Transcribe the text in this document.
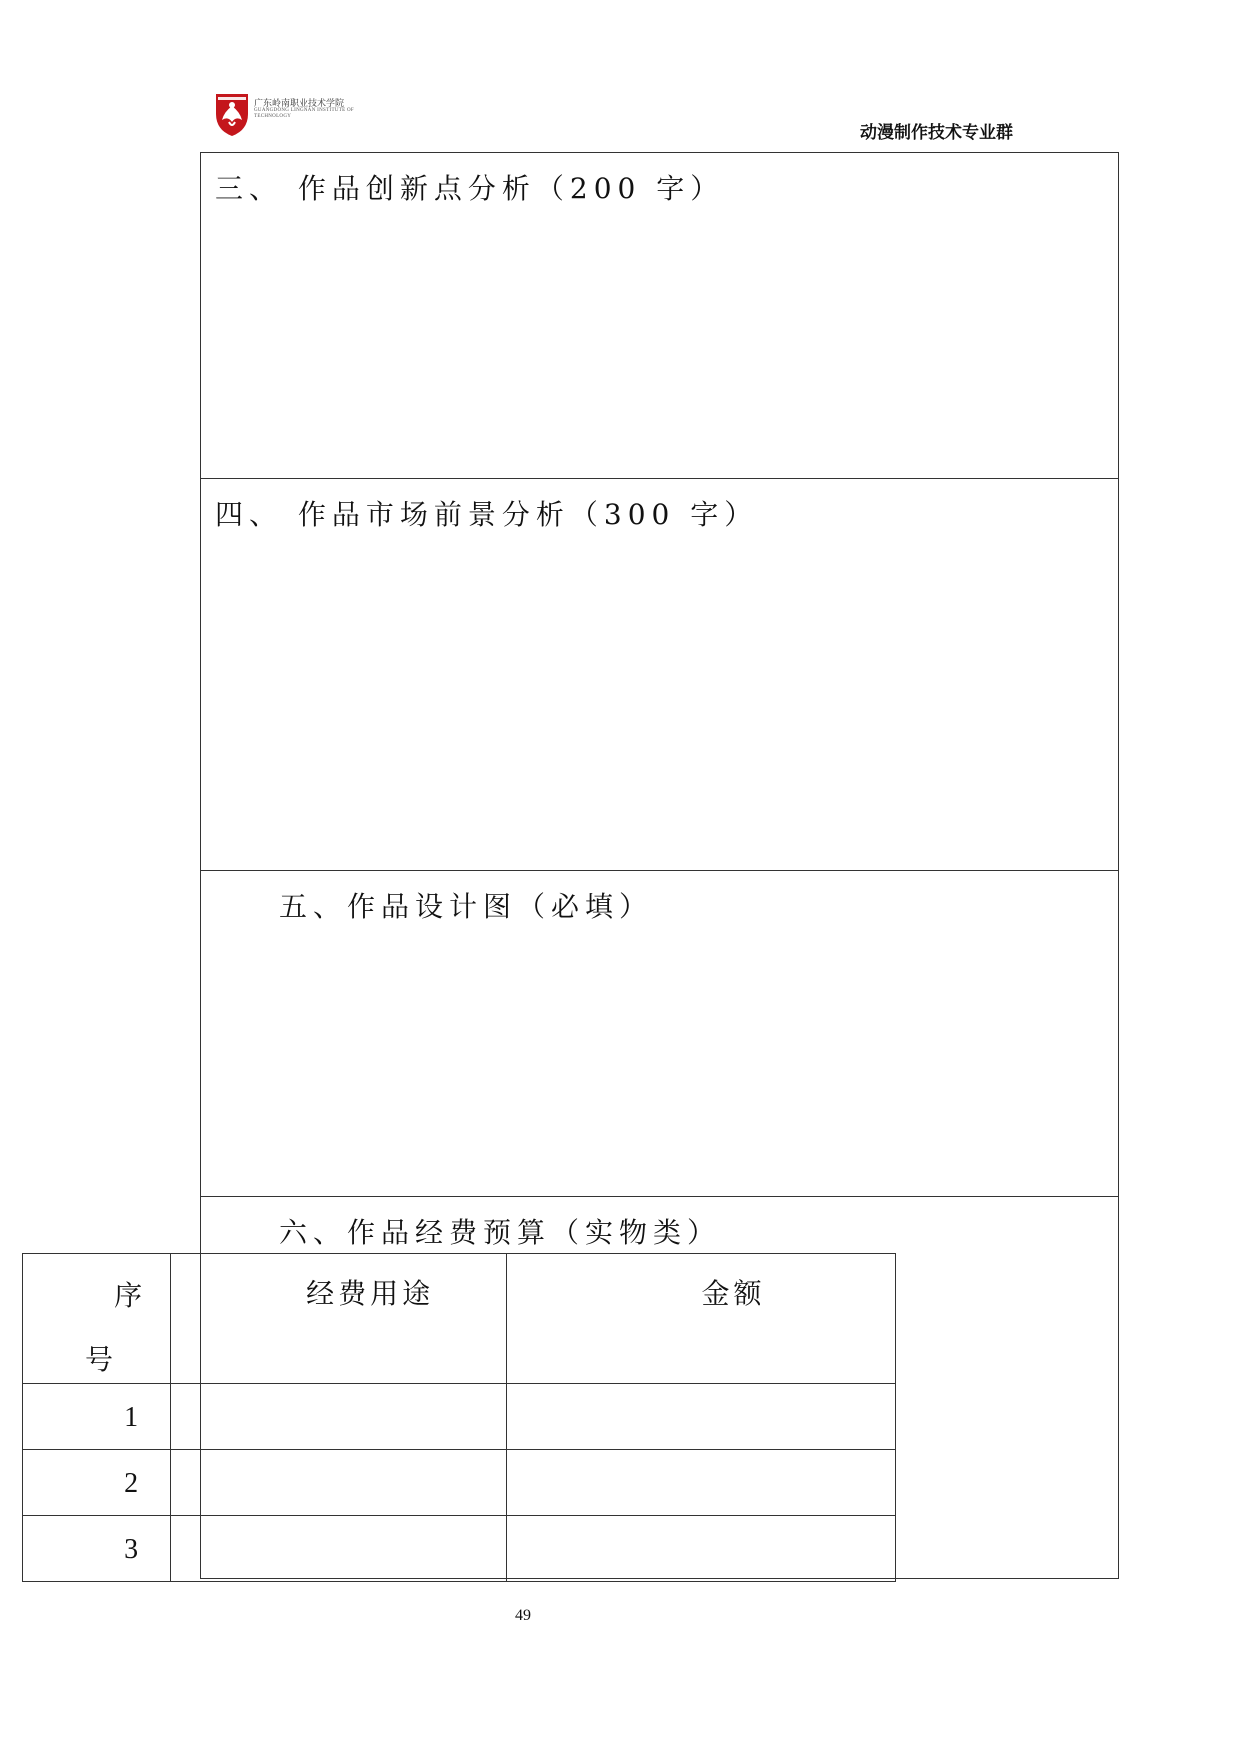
广东岭南职业技术学院
GUANGDONG LINGNAN INSTITUTE OF TECHNOLOGY
动漫制作技术专业群
三、 作品创新点分析（200 字）
四、 作品市场前景分析（300 字）
五、作品设计图（必填）
六、作品经费预算（实物类）
序
号	经费用途	金额

1		

2		

3		

49
